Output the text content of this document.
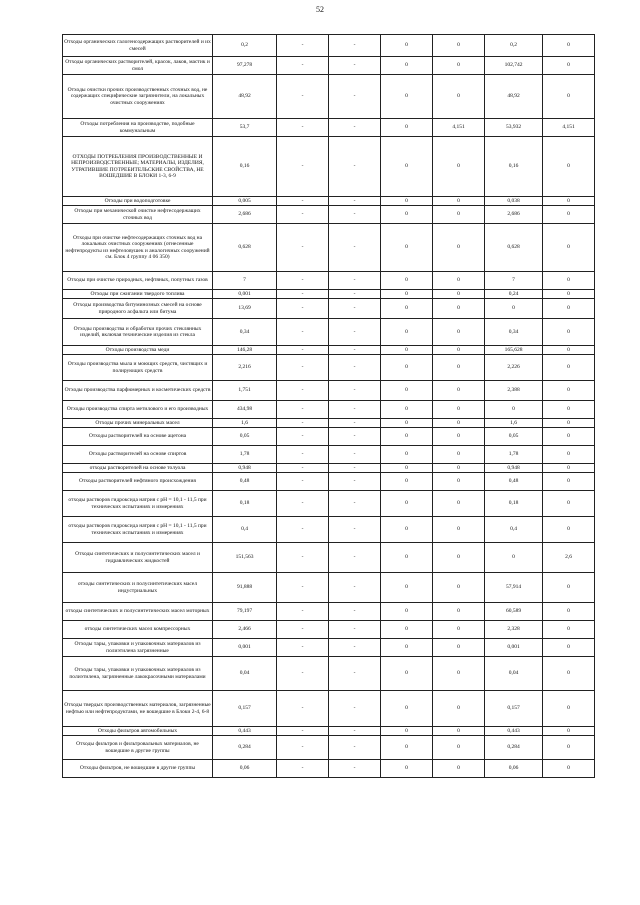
52
Отходы органических галогенсодержащих растворителей и их смесей	0,2	-	-	0	0	0,2	0
Отходы органических растворителей, красок, лаков, мастик и смол	97,278	-	-	0	0	102,742	0
Отходы очистки прочих производственных сточных вод, не содержащих специфические загрязнители, на локальных очистных сооружениях	48,92	-	-	0	0	48,92	0
Отходы потребления на производстве, подобные коммунальным	53,7	-	-	0	4,151	53,932	4,151
ОТХОДЫ ПОТРЕБЛЕНИЯ ПРОИЗВОДСТВЕННЫЕ И НЕПРОИЗВОДСТВЕННЫЕ; МАТЕРИАЛЫ, ИЗДЕЛИЯ, УТРАТИВШИЕ ПОТРЕБИТЕЛЬСКИЕ СВОЙСТВА, НЕ ВОШЕДШИЕ В БЛОКИ 1-3, 6-9	0,16	-	-	0	0	0,16	0
Отходы при водоподготовке	0,005	-	-	0	0	0,038	0
Отходы при механической очистке нефтесодержащих сточных вод	2,686	-	-	0	0	2,686	0
Отходы при очистке нефтесодержащих сточных вод на локальных очистных сооружениях (отнесенные нефтепродукты из нефтеловушек и аналогичных сооружений см. Блок 4 группу 4 06 350)	0,628	-	-	0	0	0,628	0
Отходы при очистке природных, нефтяных, попутных газов	7	-	-	0	0	7	0
Отходы при сжигании твердого топлива	0,001	-	-	0	0	0,24	0
Отходы производства битуминозных смесей на основе природного асфальта или битума	13,69	-	-	0	0	0	0
Отходы производства и обработки прочих стеклянных изделий, включая технические изделия из стекла	0,34	-	-	0	0	0,34	0
Отходы производства меди	146,28	-	-	0	0	165,628	0
Отходы производства мыла и моющих средств, чистящих и полирующих средств	2,216	-	-	0	0	2,226	0
Отходы производства парфюмерных и косметических средств	1,751	-	-	0	0	2,388	0
Отходы производства спирта метилового и его производных	434,98	-	-	0	0	0	0
Отходы прочих минеральных масел	1,6	-	-	0	0	1,6	0
Отходы растворителей на основе ацетона	0,05	-	-	0	0	0,05	0
Отходы растворителей на основе спиртов	1,78	-	-	0	0	1,78	0
отходы растворителей на основе толуола	0,948	-	-	0	0	0,948	0
Отходы растворителей нефтяного происхождения	0,48	-	-	0	0	0,48	0
отходы растворов гидроксида натрия с pH = 10,1 - 11,5 при технических испытаниях и измерениях	0,18	-	-	0	0	0,18	0
отходы растворов гидроксида натрия с pH = 10,1 - 11,5 при технических испытаниях и измерениях	0,4	-	-	0	0	0,4	0
Отходы синтетических и полусинтетических масел и гидравлических жидкостей	151,563	-	-	0	0	0	2,6
отходы синтетических и полусинтетических масел индустриальных	91,888	-	-	0	0	57,914	0
отходы синтетических и полусинтетических масел моторных	79,197	-	-	0	0	60,589	0
отходы синтетических масел компрессорных	2,466	-	-	0	0	2,328	0
Отходы тары, упаковки и упаковочных материалов из полиэтилена загрязненные	0,001	-	-	0	0	0,001	0
Отходы тары, упаковки и упаковочных материалов из полиэтилена, загрязненные лакокрасочными материалами	0,04	-	-	0	0	0,04	0
Отходы твердых производственных материалов, загрязненные нефтью или нефтепродуктами, не вошедшие в Блоки 2-4, 6-8	0,157	-	-	0	0	0,157	0
Отходы фильтров автомобильных	0,443	-	-	0	0	0,443	0
Отходы фильтров и фильтровальных материалов, не вошедшие в другие группы	0,284	-	-	0	0	0,284	0
Отходы фильтров, не вошедшие в другие группы	0,06	-	-	0	0	0,06	0
